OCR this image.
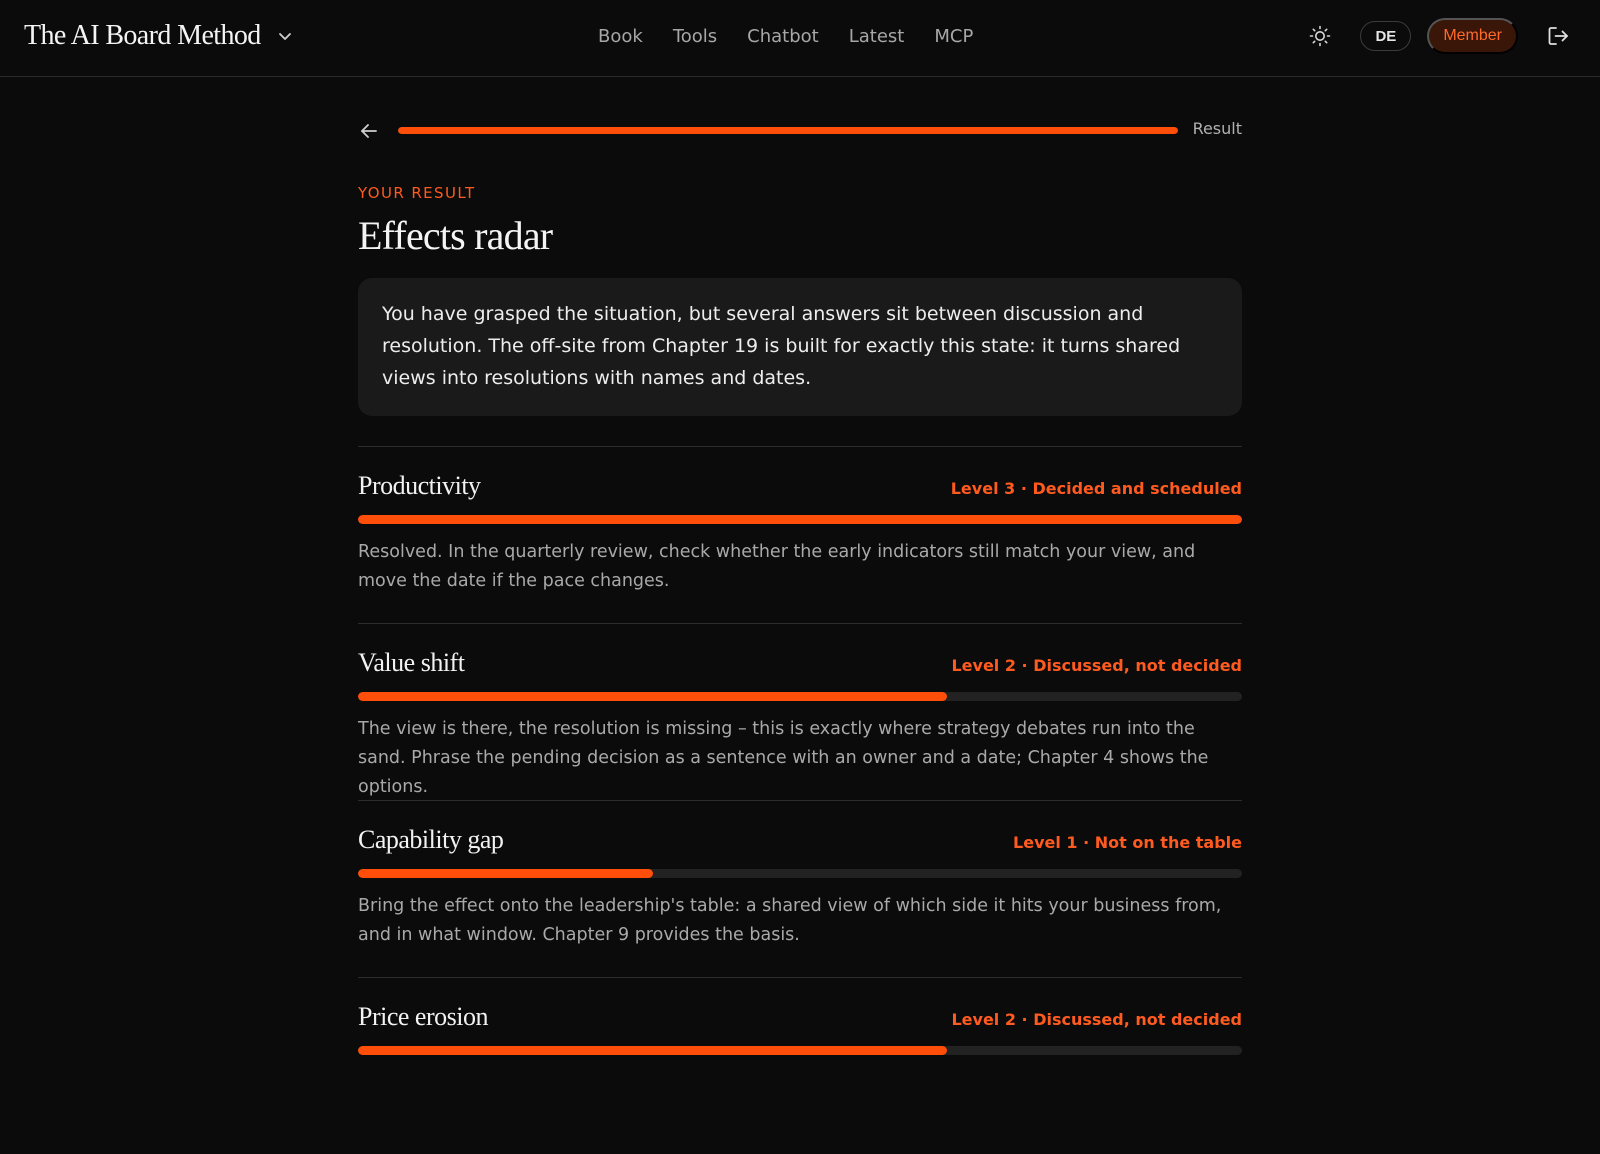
The AI Board Method	Book Tools Chatbot Latest MCP	DE	Member
Result
YOUR RESULT
Effects radar
You have grasped the situation, but several answers sit between discussion and resolution. The off-site from Chapter 19 is built for exactly this state: it turns shared views into resolutions with names and dates.
Productivity	Level 3 · Decided and scheduled

Resolved. In the quarterly review, check whether the early indicators still match your view, and move the date if the pace changes.

Value shift	Level 2 · Discussed, not decided

The view is there, the resolution is missing – this is exactly where strategy debates run into the sand. Phrase the pending decision as a sentence with an owner and a date; Chapter 4 shows the options.

Capability gap	Level 1 · Not on the table

Bring the effect onto the leadership's table: a shared view of which side it hits your business from, and in what window. Chapter 9 provides the basis.

Price erosion	Level 2 · Discussed, not decided
